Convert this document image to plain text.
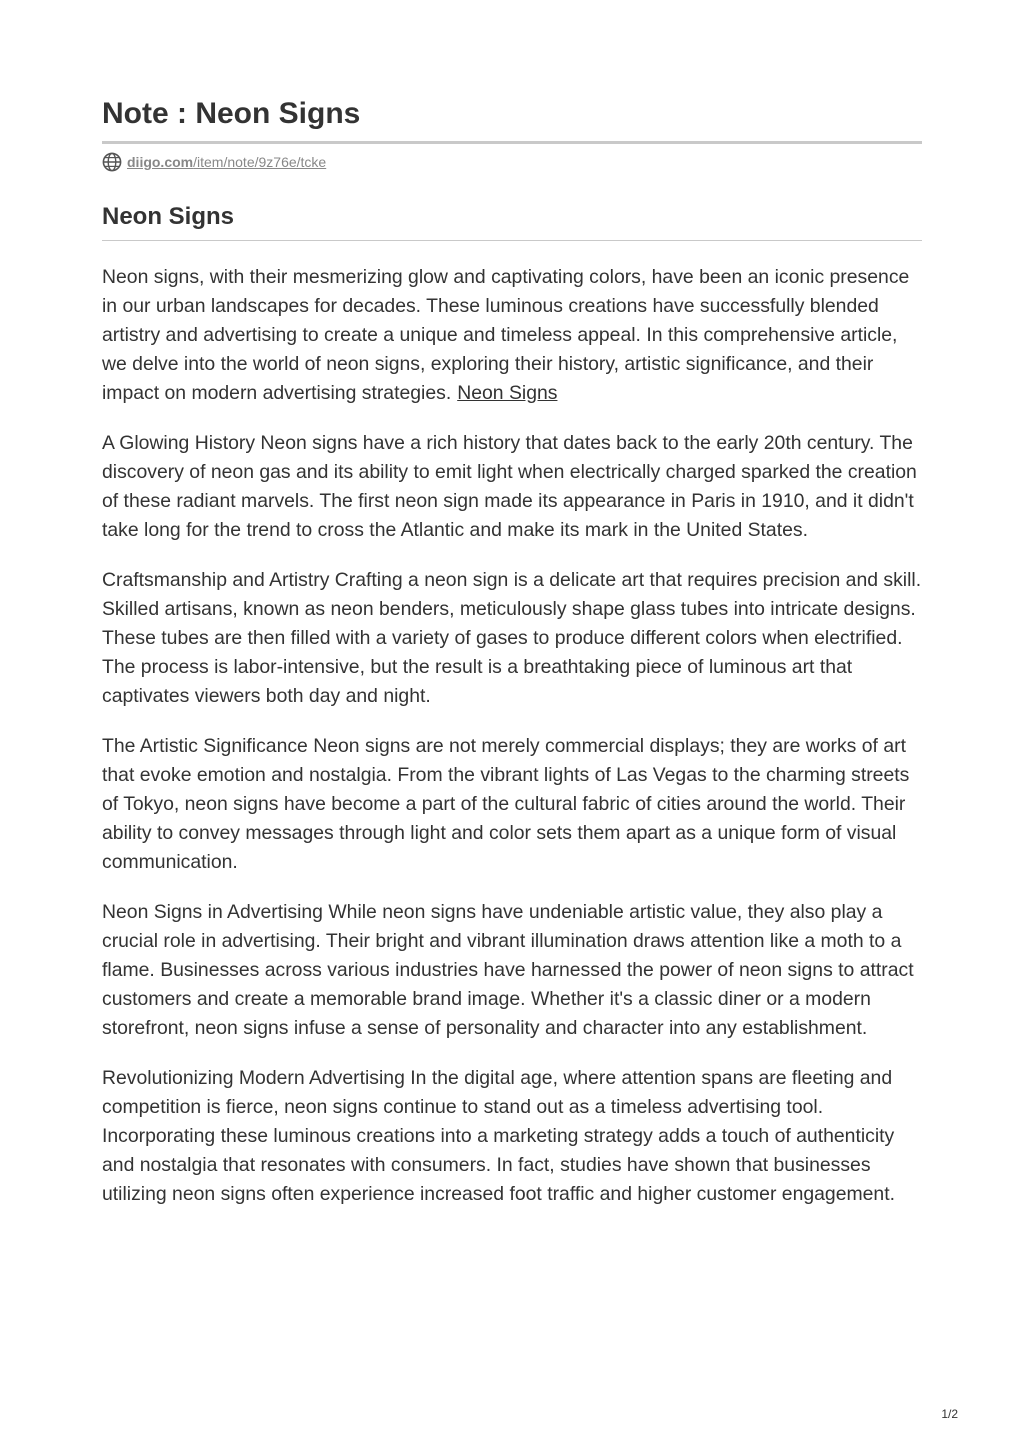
Note : Neon Signs
diigo.com/item/note/9z76e/tcke
Neon Signs

Neon signs, with their mesmerizing glow and captivating colors, have been an iconic presence in our urban landscapes for decades. These luminous creations have successfully blended artistry and advertising to create a unique and timeless appeal. In this comprehensive article, we delve into the world of neon signs, exploring their history, artistic significance, and their impact on modern advertising strategies. Neon Signs

A Glowing History Neon signs have a rich history that dates back to the early 20th century. The discovery of neon gas and its ability to emit light when electrically charged sparked the creation of these radiant marvels. The first neon sign made its appearance in Paris in 1910, and it didn't take long for the trend to cross the Atlantic and make its mark in the United States.

Craftsmanship and Artistry Crafting a neon sign is a delicate art that requires precision and skill. Skilled artisans, known as neon benders, meticulously shape glass tubes into intricate designs. These tubes are then filled with a variety of gases to produce different colors when electrified. The process is labor-intensive, but the result is a breathtaking piece of luminous art that captivates viewers both day and night.

The Artistic Significance Neon signs are not merely commercial displays; they are works of art that evoke emotion and nostalgia. From the vibrant lights of Las Vegas to the charming streets of Tokyo, neon signs have become a part of the cultural fabric of cities around the world. Their ability to convey messages through light and color sets them apart as a unique form of visual communication.

Neon Signs in Advertising While neon signs have undeniable artistic value, they also play a crucial role in advertising. Their bright and vibrant illumination draws attention like a moth to a flame. Businesses across various industries have harnessed the power of neon signs to attract customers and create a memorable brand image. Whether it's a classic diner or a modern storefront, neon signs infuse a sense of personality and character into any establishment.

Revolutionizing Modern Advertising In the digital age, where attention spans are fleeting and competition is fierce, neon signs continue to stand out as a timeless advertising tool. Incorporating these luminous creations into a marketing strategy adds a touch of authenticity and nostalgia that resonates with consumers. In fact, studies have shown that businesses utilizing neon signs often experience increased foot traffic and higher customer engagement.

1/2
